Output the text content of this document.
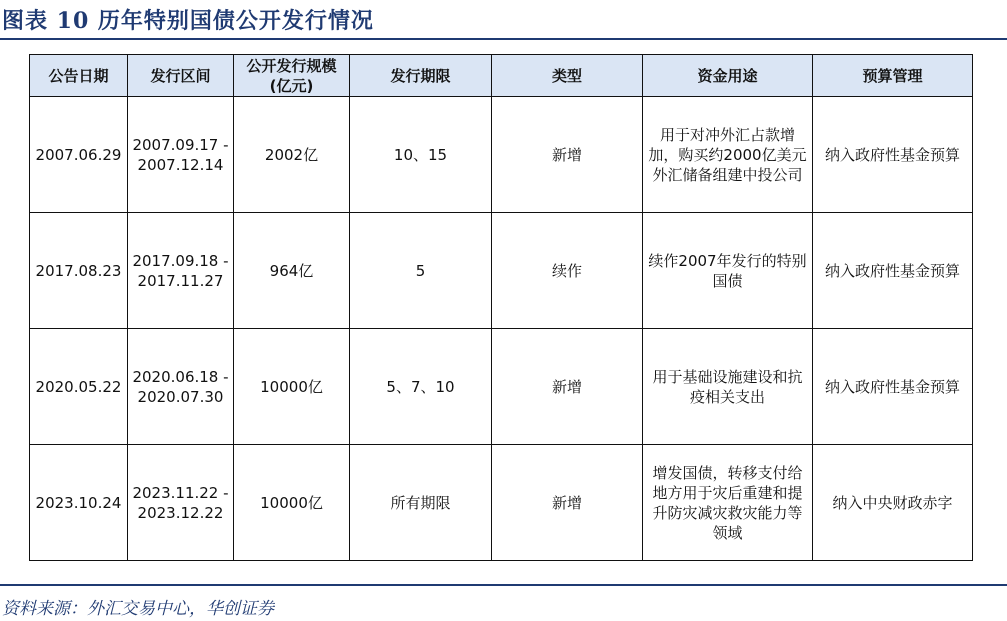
图表 10 历年特别国债公开发行情况
公告日期	发行区间	公开发行规模(亿元)	发行期限	类型	资金用途	预算管理
2007.06.29	2007.09.17 - 2007.12.14	2002亿	10、15	新增	用于对冲外汇占款增加，购买约2000亿美元外汇储备组建中投公司	纳入政府性基金预算
2017.08.23	2017.09.18 - 2017.11.27	964亿	5	续作	续作2007年发行的特别国债	纳入政府性基金预算
2020.05.22	2020.06.18 - 2020.07.30	10000亿	5、7、10	新增	用于基础设施建设和抗疫相关支出	纳入政府性基金预算
2023.10.24	2023.11.22 - 2023.12.22	10000亿	所有期限	新增	增发国债，转移支付给地方用于灾后重建和提升防灾减灾救灾能力等领域	纳入中央财政赤字
资料来源：外汇交易中心，华创证券
